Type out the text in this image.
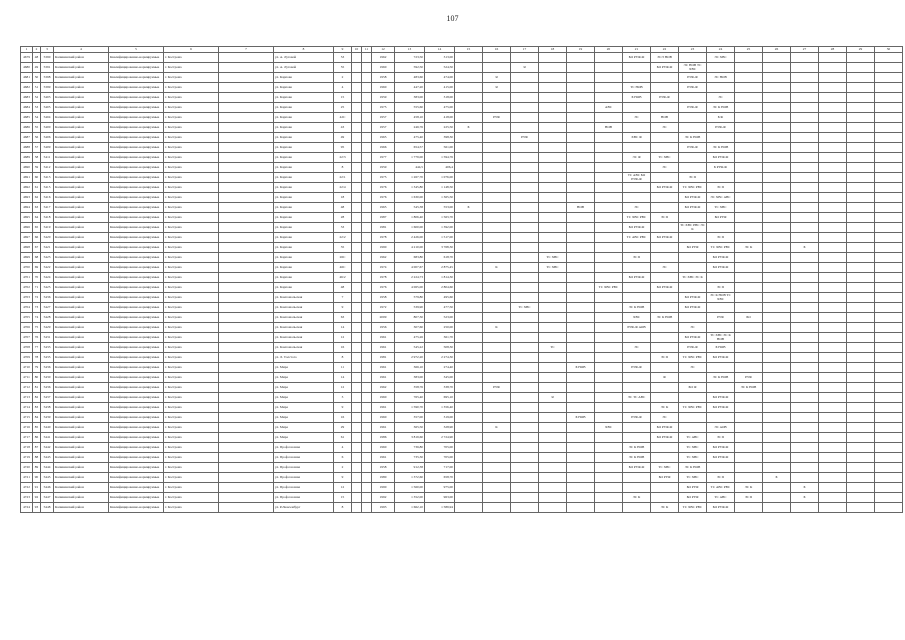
107
1	2	3	4	5	6	7	8	9	10	11	12	13	14	15	16	17	18	19	20	21	22	23	24	25	26	27	28	29	30
4679	48	5390	Калининский район	Квалифицированно-нормируемые	г. Кострома		ул. А. Луговой	53			1962	723,50	313,00							БО РУФ-Ф	ЭСЭ НОВ		ЭС ХВС						
4680	49	5391	Калининский район	Квалифицированно-нормируемые	г. Кострома		ул. А. Луговой	55			1960	592,50	524,50			Я					БО РУФ-Ф	ЭС НОВ ТС ХВС							
4681	50	5398	Калининский район	Квалифицированно-нормируемые	г. Кострома		ул. Карпова	2			1958	483,60	474,00		Я							РУФ-Ф	ЭС НОВ						
4682	51	5399	Калининский район	Квалифицированно-нормируемые	г. Кострома		ул. Карпова	4			1960	447,20	415,00		Я					ТС НОВ		РУФ-Ф							
4683	52	5403	Калининский район	Квалифицированно-нормируемые	г. Кострома		ул. Карпова	15			1959	383,00	318,00							Б НОВ	РУФ-Ф		ЭС						
4684	53	5405	Калининский район	Квалифицированно-нормируемые	г. Кострома		ул. Карпова	25			1975	555,60	475,00						АВС			РУФ-Ф	ЭС К НОВ						
4685	54	5404	Калининский район	Квалифицированно-нормируемые	г. Кострома		ул. Карпова	42С			1957	458,10	418,00		РУФ					ЭС	НОВ		Б Ф						
4686	55	5400	Калининский район	Квалифицированно-нормируемые	г. Кострома		ул. Карпова	43			1957	246,76	225,50	Б					НОВ		ЭС		РУФ-Ф						
4687	56	5406	Калининский район	Квалифицированно-нормируемые	г. Кострома		ул. Карпова	49			1965	475,40	398,30			РУФ				ХВС Ф		ЭС К НОВ							
4688	57	5409	Калининский район	Квалифицированно-нормируемые	г. Кострома		ул. Карпова	95			1966	654,57	561,00									РУФ-Ф	ЭС К НОВ						
4689	58	5411	Калининский район	Квалифицированно-нормируемые	г. Кострома		ул. Карпова	22/3			1977	1 779,00	1 594,76							ЭС Ф	ТС ХВС		БО РУФ-Ф						
4690	59	5412	Калининский район	Квалифицированно-нормируемые	г. Кострома		ул. Карпова	8			1959	444,5	406,4								ЭС		Б РУФ-Ф						
4691	60	5413	Калининский район	Квалифицированно-нормируемые	г. Кострома		ул. Карпова	22/1			1975	1 267,70	1 076,00							ТС АВС БО РУФ-Ф		ЭС Б							
4692	61	5415	Калининский район	Квалифицированно-нормируемые	г. Кострома		ул. Карпова	22/4			1976	1 345,80	1 148,50								БО РУФ-Ф	ТС ХВС РВС	ЭС Б						
4693	62	5416	Калининский район	Квалифицированно-нормируемые	г. Кострома		ул. Карпова	18			1976	1 630,00	1 365,50									БО РУФ-Ф	ЭС ХВС АВС						
4694	63	5417	Калининский район	Квалифицированно-нормируемые	г. Кострома		ул. Карпова	48			1965	545,38	553,00	Б				НОВ		ЭС		БО РУФ-Ф	ТС ХВС						
4695	64	5418	Калининский район	Квалифицированно-нормируемые	г. Кострома		ул. Карпова	28			1987	1 806,40	1 563,70							ТС ХВС РВС	ЭС Б		БО РУФ						
4696	65	5419	Калининский район	Квалифицированно-нормируемые	г. Кострома		ул. Карпова	33			1981	1 600,00	1 392,00							БО РУФ-Ф		ТС ХВС РВС ЭС К							
4697	66	5420	Калининский район	Квалифицированно-нормируемые	г. Кострома		ул. Карпова	22/2			1978	2 426,00	1 517,00							ТС АВС РВС	БО РУФ-Ф		ЭС Б						
4698	67	5421	Калининский район	Квалифицированно-нормируемые	г. Кострома		ул. Карпова	35			1990	4 210,00	3 768,30									БО РУФ	ТС ХВС РВС	ЭС К		Б			
4699	68	5423	Калининский район	Квалифицированно-нормируемые	г. Кострома		ул. Карпова	26С			1962	683,80	618,70				ТС ХВС			ЭС Б			БО РУФ-Ф						
4700	69	5422	Калининский район	Квалифицированно-нормируемые	г. Кострома		ул. Карпова	46С			1974	4 007,67	2 875,45		К		ТС ХВС				ЭС		БО РУФ-Ф						
4701	70	5424	Калининский район	Квалифицированно-нормируемые	г. Кострома		ул. Карпова	46/2			1978	2 224,73	1 814,30							БО РУФ-Ф		ТС ХВС ЭС К							
4702	71	5425	Калининский район	Квалифицированно-нормируемые	г. Кострома		ул. Карпова	48			1976	4 065,00	2 804,60						ТС ХВС РВС		БО РУФ-Ф		ЭС Б						
4703	72	5436	Калининский район	Квалифицированно-нормируемые	г. Кострома		ул. Комсомольская	7			1958	579,80	495,60									БО РУФ-Ф	ЭС К НОВ ТС ХВС						
4704	73	5427	Калининский район	Квалифицированно-нормируемые	г. Кострома		ул. Комсомольская	9			1972	539,90	477,50			ТС ХВС				ЭС К НОВ		БО РУФ-Ф							
4705	74	5428	Калининский район	Квалифицированно-нормируемые	г. Кострома		ул. Комсомольская	63			2009	807,30	523,00							ХВС	ЭС К НОВ		РУФ	БО					
4706	75	5429	Калининский район	Квалифицированно-нормируемые	г. Кострома		ул. Комсомольская	14			1956	307,60	250,00		К					РУФ-Ф АОВ		ЭС							
4707	76	5431	Калининский район	Квалифицированно-нормируемые	г. Кострома		ул. Комсомольская	12			1961	475,26	361,70									БО РУФ-Ф	ТС ХВС ЭС К НОВ						
4708	77	5433	Калининский район	Квалифицированно-нормируемые	г. Кострома		ул. Комсомольская	16			1961	545,22	508,30				ТС			ЭС		РУФ-Ф	Б НОВ						
4709	78	5435	Калининский район	Квалифицированно-нормируемые	г. Кострома		ул. Л. Толстого	8			1981	2 972,20	2 274,30								ЭС Б	ТС ХВС РВС	БО РУФ-Ф						
4710	79	5436	Калининский район	Квалифицированно-нормируемые	г. Кострома		ул. Мира	11			1961	366,10	274,40					Б НОВ		РУФ-Ф		ЭС							
4711	80	5430	Калининский район	Квалифицированно-нормируемые	г. Кострома		ул. Мира	14			1961	383,00	345,00								Ф		ЭС К НОВ	РУФ					
4712	81	5436	Калининский район	Квалифицированно-нормируемые	г. Кострома		ул. Мира	12			1962	358,76	338,70		РУФ							БО Ф		ЭС К НОВ					
4713	82	5437	Калининский район	Квалифицированно-нормируемые	г. Кострома		ул. Мира	3			1960	765,40	695,10				Я			ЭС ТС АВС			БО РУФ-Ф						
4714	83	5438	Калининский район	Квалифицированно-нормируемые	г. Кострома		ул. Мира	9			1961	1 590,70	1 356,40								ЭС К	ТС ХВС РВС	БО РУФ-Ф						
4715	84	5439	Калининский район	Квалифицированно-нормируемые	г. Кострома		ул. Мира	16			1960	357,00	319,00					Б НОВ		РУФ-Ф	ЭС								
4716	85	5440	Калининский район	Квалифицированно-нормируемые	г. Кострома		ул. Мира	29			1961	365,50	328,90		К				ХВС		БО РУФ-Ф		ЭС АОВ						
4717	86	5441	Калининский район	Квалифицированно-нормируемые	г. Кострома		ул. Мира	61			1986	3 819,60	2 724,90								БО РУФ-Ф	ТС АВС	ЭС Б						
4718	87	5442	Калининский район	Квалифицированно-нормируемые	г. Кострома		ул. Профсоюзная	4			1960	736,80	705,00							ЭС К НОВ		ТС ХВС	БО РУФ-Ф						
4719	88	5443	Калининский район	Квалифицированно-нормируемые	г. Кострома		ул. Профсоюзная	6			1961	735,30	705,00							ЭС К НОВ		ТС ХВС	БО РУФ-Ф						
4720	89	5444	Калининский район	Квалифицированно-нормируемые	г. Кострома		ул. Профсоюзная	2			1958	912,38	717,00							БО РУФ-Ф	ТС ХВС	ЭС К НОВ							
4721	90	5445	Калининский район	Квалифицированно-нормируемые	г. Кострома		ул. Профсоюзная	9			1980	1 372,60	658,70								БО РУФ	ТС ХВС	ЭС Б		Б				
4722	91	5446	Калининский район	Квалифицированно-нормируемые	г. Кострома		ул. Профсоюзная	12			1990	1 560,00	975,00									БО РУФ	ТС АВС РВС	ЭС К		Б			
4723	92	5447	Калининский район	Квалифицированно-нормируемые	г. Кострома		ул. Профсоюзная	15			1992	1 352,00	963,00							ЭС К		БО РУФ	ТС АВС	ЭС Б		Б			
4724	93	5448	Калининский район	Квалифицированно-нормируемые	г. Кострома		ул. Р.Люксембург	8			1993	1 662,10	1 589,94								ЭС К	ТС ХВС РВС	БО РУФ-Ф						
